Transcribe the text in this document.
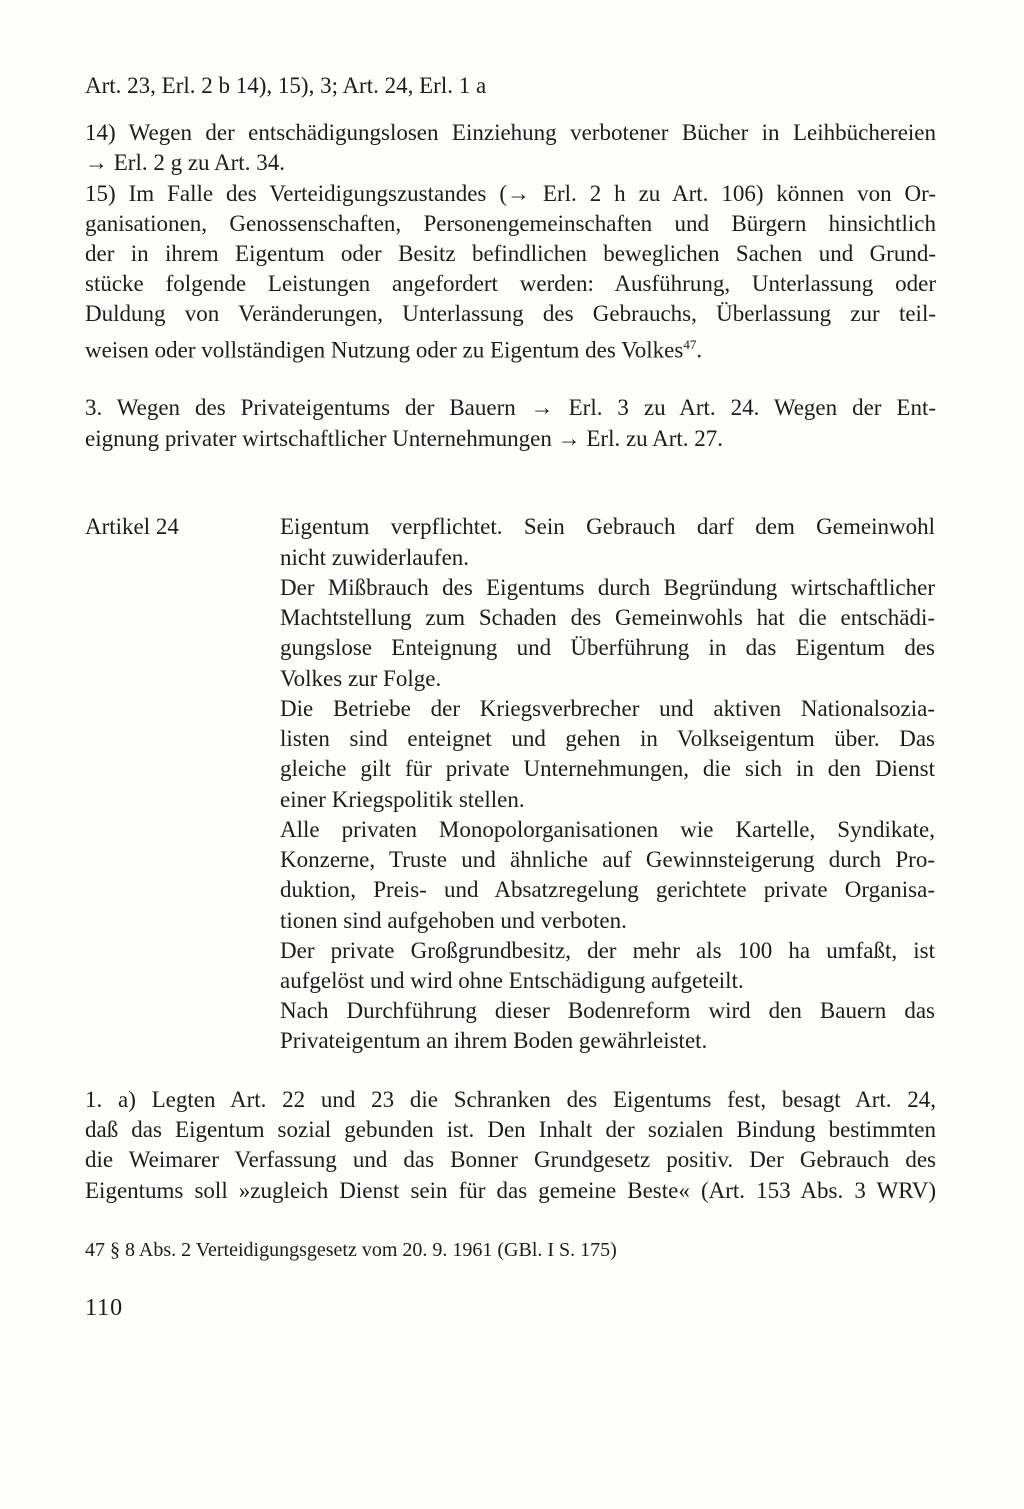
Art. 23, Erl. 2 b 14), 15), 3; Art. 24, Erl. 1 a
14) Wegen der entschädigungslosen Einziehung verbotener Bücher in Leihbüchereien
→ Erl. 2 g zu Art. 34.
15) Im Falle des Verteidigungszustandes (→ Erl. 2 h zu Art. 106) können von Or-
ganisationen, Genossenschaften, Personengemeinschaften und Bürgern hinsichtlich
der in ihrem Eigentum oder Besitz befindlichen beweglichen Sachen und Grund-
stücke folgende Leistungen angefordert werden: Ausführung, Unterlassung oder
Duldung von Veränderungen, Unterlassung des Gebrauchs, Überlassung zur teil-
weisen oder vollständigen Nutzung oder zu Eigentum des Volkes$^{47}$.
3. Wegen des Privateigentums der Bauern → Erl. 3 zu Art. 24. Wegen der Ent-
eignung privater wirtschaftlicher Unternehmungen → Erl. zu Art. 27.
Artikel 24	Eigentum verpflichtet. Sein Gebrauch darf dem Gemeinwohl
nicht zuwiderlaufen.
Der Mißbrauch des Eigentums durch Begründung wirtschaftlicher
Machtstellung zum Schaden des Gemeinwohls hat die entschädi-
gungslose Enteignung und Überführung in das Eigentum des
Volkes zur Folge.
Die Betriebe der Kriegsverbrecher und aktiven Nationalsozia-
listen sind enteignet und gehen in Volkseigentum über. Das
gleiche gilt für private Unternehmungen, die sich in den Dienst
einer Kriegspolitik stellen.
Alle privaten Monopolorganisationen wie Kartelle, Syndikate,
Konzerne, Truste und ähnliche auf Gewinnsteigerung durch Pro-
duktion, Preis- und Absatzregelung gerichtete private Organisa-
tionen sind aufgehoben und verboten.
Der private Großgrundbesitz, der mehr als 100 ha umfaßt, ist
aufgelöst und wird ohne Entschädigung aufgeteilt.
Nach Durchführung dieser Bodenreform wird den Bauern das
Privateigentum an ihrem Boden gewährleistet.
1. a) Legten Art. 22 und 23 die Schranken des Eigentums fest, besagt Art. 24,
daß das Eigentum sozial gebunden ist. Den Inhalt der sozialen Bindung bestimmten
die Weimarer Verfassung und das Bonner Grundgesetz positiv. Der Gebrauch des
Eigentums soll »zugleich Dienst sein für das gemeine Beste« (Art. 153 Abs. 3 WRV)
47 § 8 Abs. 2 Verteidigungsgesetz vom 20. 9. 1961 (GBl. I S. 175)
110
